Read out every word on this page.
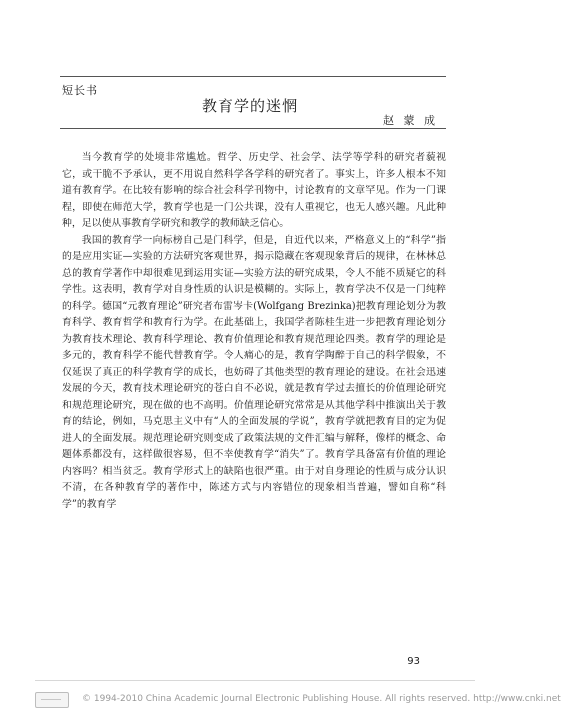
短长书
教育学的迷惘
赵 蒙 成

当今教育学的处境非常尴尬。哲学、历史学、社会学、法学等学科的研究者藐视它，或干脆不予承认，更不用说自然科学各学科的研究者了。事实上，许多人根本不知道有教育学。在比较有影响的综合社会科学刊物中，讨论教育的文章罕见。作为一门课程，即使在师范大学，教育学也是一门公共课，没有人重视它，也无人感兴趣。凡此种种，足以使从事教育学研究和教学的教师缺乏信心。

我国的教育学一向标榜自己是门科学，但是，自近代以来，严格意义上的“科学”指的是应用实证—实验的方法研究客观世界，揭示隐藏在客观现象背后的规律，在林林总总的教育学著作中却很难见到运用实证—实验方法的研究成果，令人不能不质疑它的科学性。这表明，教育学对自身性质的认识是模糊的。实际上，教育学决不仅是一门纯粹的科学。德国“元教育理论”研究者布雷岑卡(Wolfgang Brezinka)把教育理论划分为教育科学、教育哲学和教育行为学。在此基础上，我国学者陈桂生进一步把教育理论划分为教育技术理论、教育科学理论、教育价值理论和教育规范理论四类。教育学的理论是多元的，教育科学不能代替教育学。令人痛心的是，教育学陶醉于自己的科学假象，不仅延误了真正的科学教育学的成长，也妨碍了其他类型的教育理论的建设。在社会迅速发展的今天，教育技术理论研究的苍白自不必说，就是教育学过去擅长的价值理论研究和规范理论研究，现在做的也不高明。价值理论研究常常是从其他学科中推演出关于教育的结论，例如，马克思主义中有“人的全面发展的学说”，教育学就把教育目的定为促进人的全面发展。规范理论研究则变成了政策法规的文件汇编与解释，像样的概念、命题体系都没有，这样做很容易，但不幸使教育学“消失”了。教育学具备富有价值的理论内容吗？相当贫乏。教育学形式上的缺陷也很严重。由于对自身理论的性质与成分认识不清，在各种教育学的著作中，陈述方式与内容错位的现象相当普遍，譬如自称“科学”的教育学

93
© 1994-2010 China Academic Journal Electronic Publishing House. All rights reserved. http://www.cnki.net
